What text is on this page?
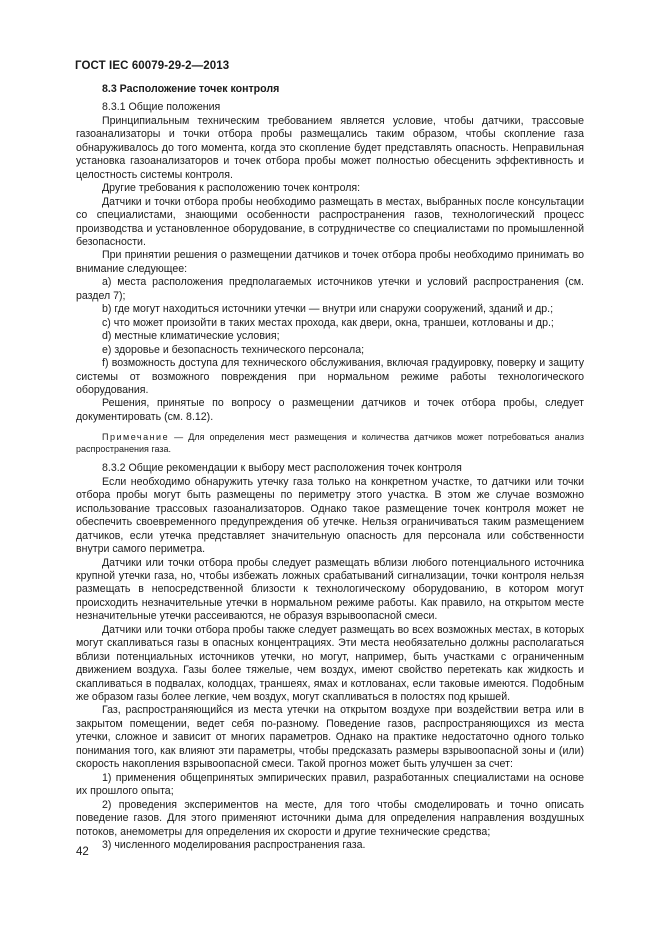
ГОСТ IEC 60079-29-2—2013

8.3 Расположение точек контроля

8.3.1 Общие положения

Принципиальным техническим требованием является условие, чтобы датчики, трассовые газоанализаторы и точки отбора пробы размещались таким образом, чтобы скопление газа обнаруживалось до того момента, когда это скопление будет представлять опасность. Неправильная установка газоанализаторов и точек отбора пробы может полностью обесценить эффективность и целостность системы контроля.

Другие требования к расположению точек контроля:

Датчики и точки отбора пробы необходимо размещать в местах, выбранных после консультации со специалистами, знающими особенности распространения газов, технологический процесс производства и установленное оборудование, в сотрудничестве со специалистами по промышленной безопасности.

При принятии решения о размещении датчиков и точек отбора пробы необходимо принимать во внимание следующее:

a) места расположения предполагаемых источников утечки и условий распространения (см. раздел 7);

b) где могут находиться источники утечки — внутри или снаружи сооружений, зданий и др.;

c) что может произойти в таких местах прохода, как двери, окна, траншеи, котлованы и др.;

d) местные климатические условия;

e) здоровье и безопасность технического персонала;

f) возможность доступа для технического обслуживания, включая градуировку, поверку и защиту системы от возможного повреждения при нормальном режиме работы технологического оборудования.

Решения, принятые по вопросу о размещении датчиков и точек отбора пробы, следует документировать (см. 8.12).

Примечание — Для определения мест размещения и количества датчиков может потребоваться анализ распространения газа.

8.3.2 Общие рекомендации к выбору мест расположения точек контроля

Если необходимо обнаружить утечку газа только на конкретном участке, то датчики или точки отбора пробы могут быть размещены по периметру этого участка. В этом же случае возможно использование трассовых газоанализаторов. Однако такое размещение точек контроля может не обеспечить своевременного предупреждения об утечке. Нельзя ограничиваться таким размещением датчиков, если утечка представляет значительную опасность для персонала или собственности внутри самого периметра.

Датчики или точки отбора пробы следует размещать вблизи любого потенциального источника крупной утечки газа, но, чтобы избежать ложных срабатываний сигнализации, точки контроля нельзя размещать в непосредственной близости к технологическому оборудованию, в котором могут происходить незначительные утечки в нормальном режиме работы. Как правило, на открытом месте незначительные утечки рассеиваются, не образуя взрывоопасной смеси.

Датчики или точки отбора пробы также следует размещать во всех возможных местах, в которых могут скапливаться газы в опасных концентрациях. Эти места необязательно должны располагаться вблизи потенциальных источников утечки, но могут, например, быть участками с ограниченным движением воздуха. Газы более тяжелые, чем воздух, имеют свойство перетекать как жидкость и скапливаться в подвалах, колодцах, траншеях, ямах и котлованах, если таковые имеются. Подобным же образом газы более легкие, чем воздух, могут скапливаться в полостях под крышей.

Газ, распространяющийся из места утечки на открытом воздухе при воздействии ветра или в закрытом помещении, ведет себя по-разному. Поведение газов, распространяющихся из места утечки, сложное и зависит от многих параметров. Однако на практике недостаточно одного только понимания того, как влияют эти параметры, чтобы предсказать размеры взрывоопасной зоны и (или) скорость накопления взрывоопасной смеси. Такой прогноз может быть улучшен за счет:

1) применения общепринятых эмпирических правил, разработанных специалистами на основе их прошлого опыта;

2) проведения экспериментов на месте, для того чтобы смоделировать и точно описать поведение газов. Для этого применяют источники дыма для определения направления воздушных потоков, анемометры для определения их скорости и другие технические средства;

3) численного моделирования распространения газа.

42
